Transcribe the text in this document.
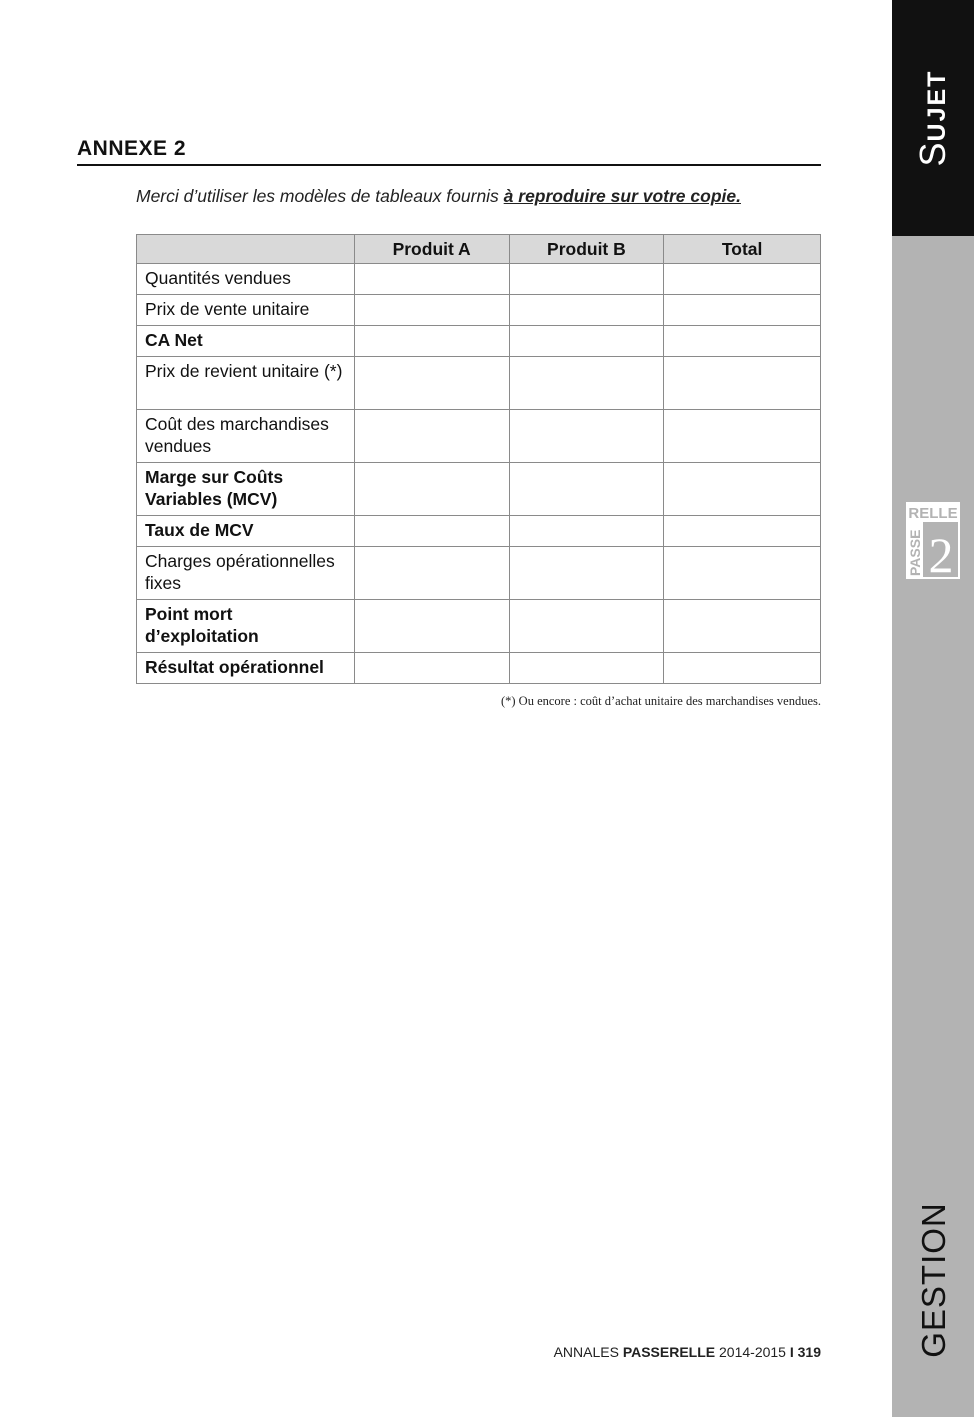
ANNEXE 2
Merci d’utiliser les modèles de tableaux fournis à reproduire sur votre copie.
	Produit A	Produit B	Total
Quantités vendues			
Prix de vente unitaire			
CA Net			
Prix de revient unitaire (*)			
Coût des marchandises vendues			
Marge sur Coûts Variables (MCV)			
Taux de MCV			
Charges opérationnelles fixes			
Point mort d’exploitation			
Résultat opérationnel			
(*) Ou encore : coût d’achat unitaire des marchandises vendues.
ANNALES PASSERELLE 2014-2015 I 319
SUJET
RELLE
PASSE 2
GESTION
